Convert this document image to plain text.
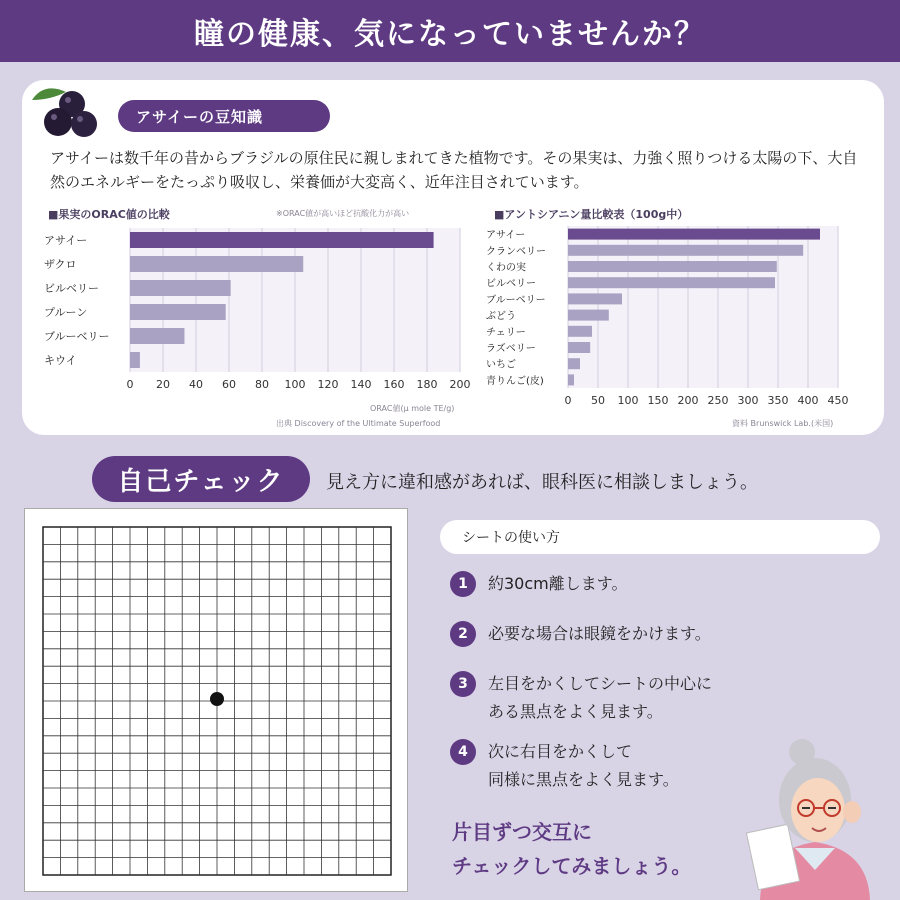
瞳の健康、気になっていませんか？
アサイーの豆知識

アサイーは数千年の昔からブラジルの原住民に親しまれてきた植物です。その果実は、力強く照りつける太陽の下、大自然のエネルギーをたっぷり吸収し、栄養価が大変高く、近年注目されています。

■果実のORAC値の比較	※ORAC値が高いほど抗酸化力が高い
0 20 40 60 80 100 120 140 160 180 200
アサイー
ザクロ
ビルベリー
プルーン
ブルーベリー
キウイ
ORAC値(μ mole TE/g)
出典 Discovery of the Ultimate Superfood
■アントシアニン量比較表（100g中）
0 50 100 150 200 250 300 350 400 450
アサイー
クランベリー
くわの実
ビルベリー
ブルーベリー
ぶどう
チェリー
ラズベリー
いちご
青りんご(皮)
資料 Brunswick Lab.(米国)
自己チェック	見え方に違和感があれば、眼科医に相談しましょう。
シートの使い方
1	約30cm離します。
2	必要な場合は眼鏡をかけます。
3	左目をかくしてシートの中心に
ある黒点をよく見ます。
4	次に右目をかくして
同様に黒点をよく見ます。
片目ずつ交互に
チェックしてみましょう。
